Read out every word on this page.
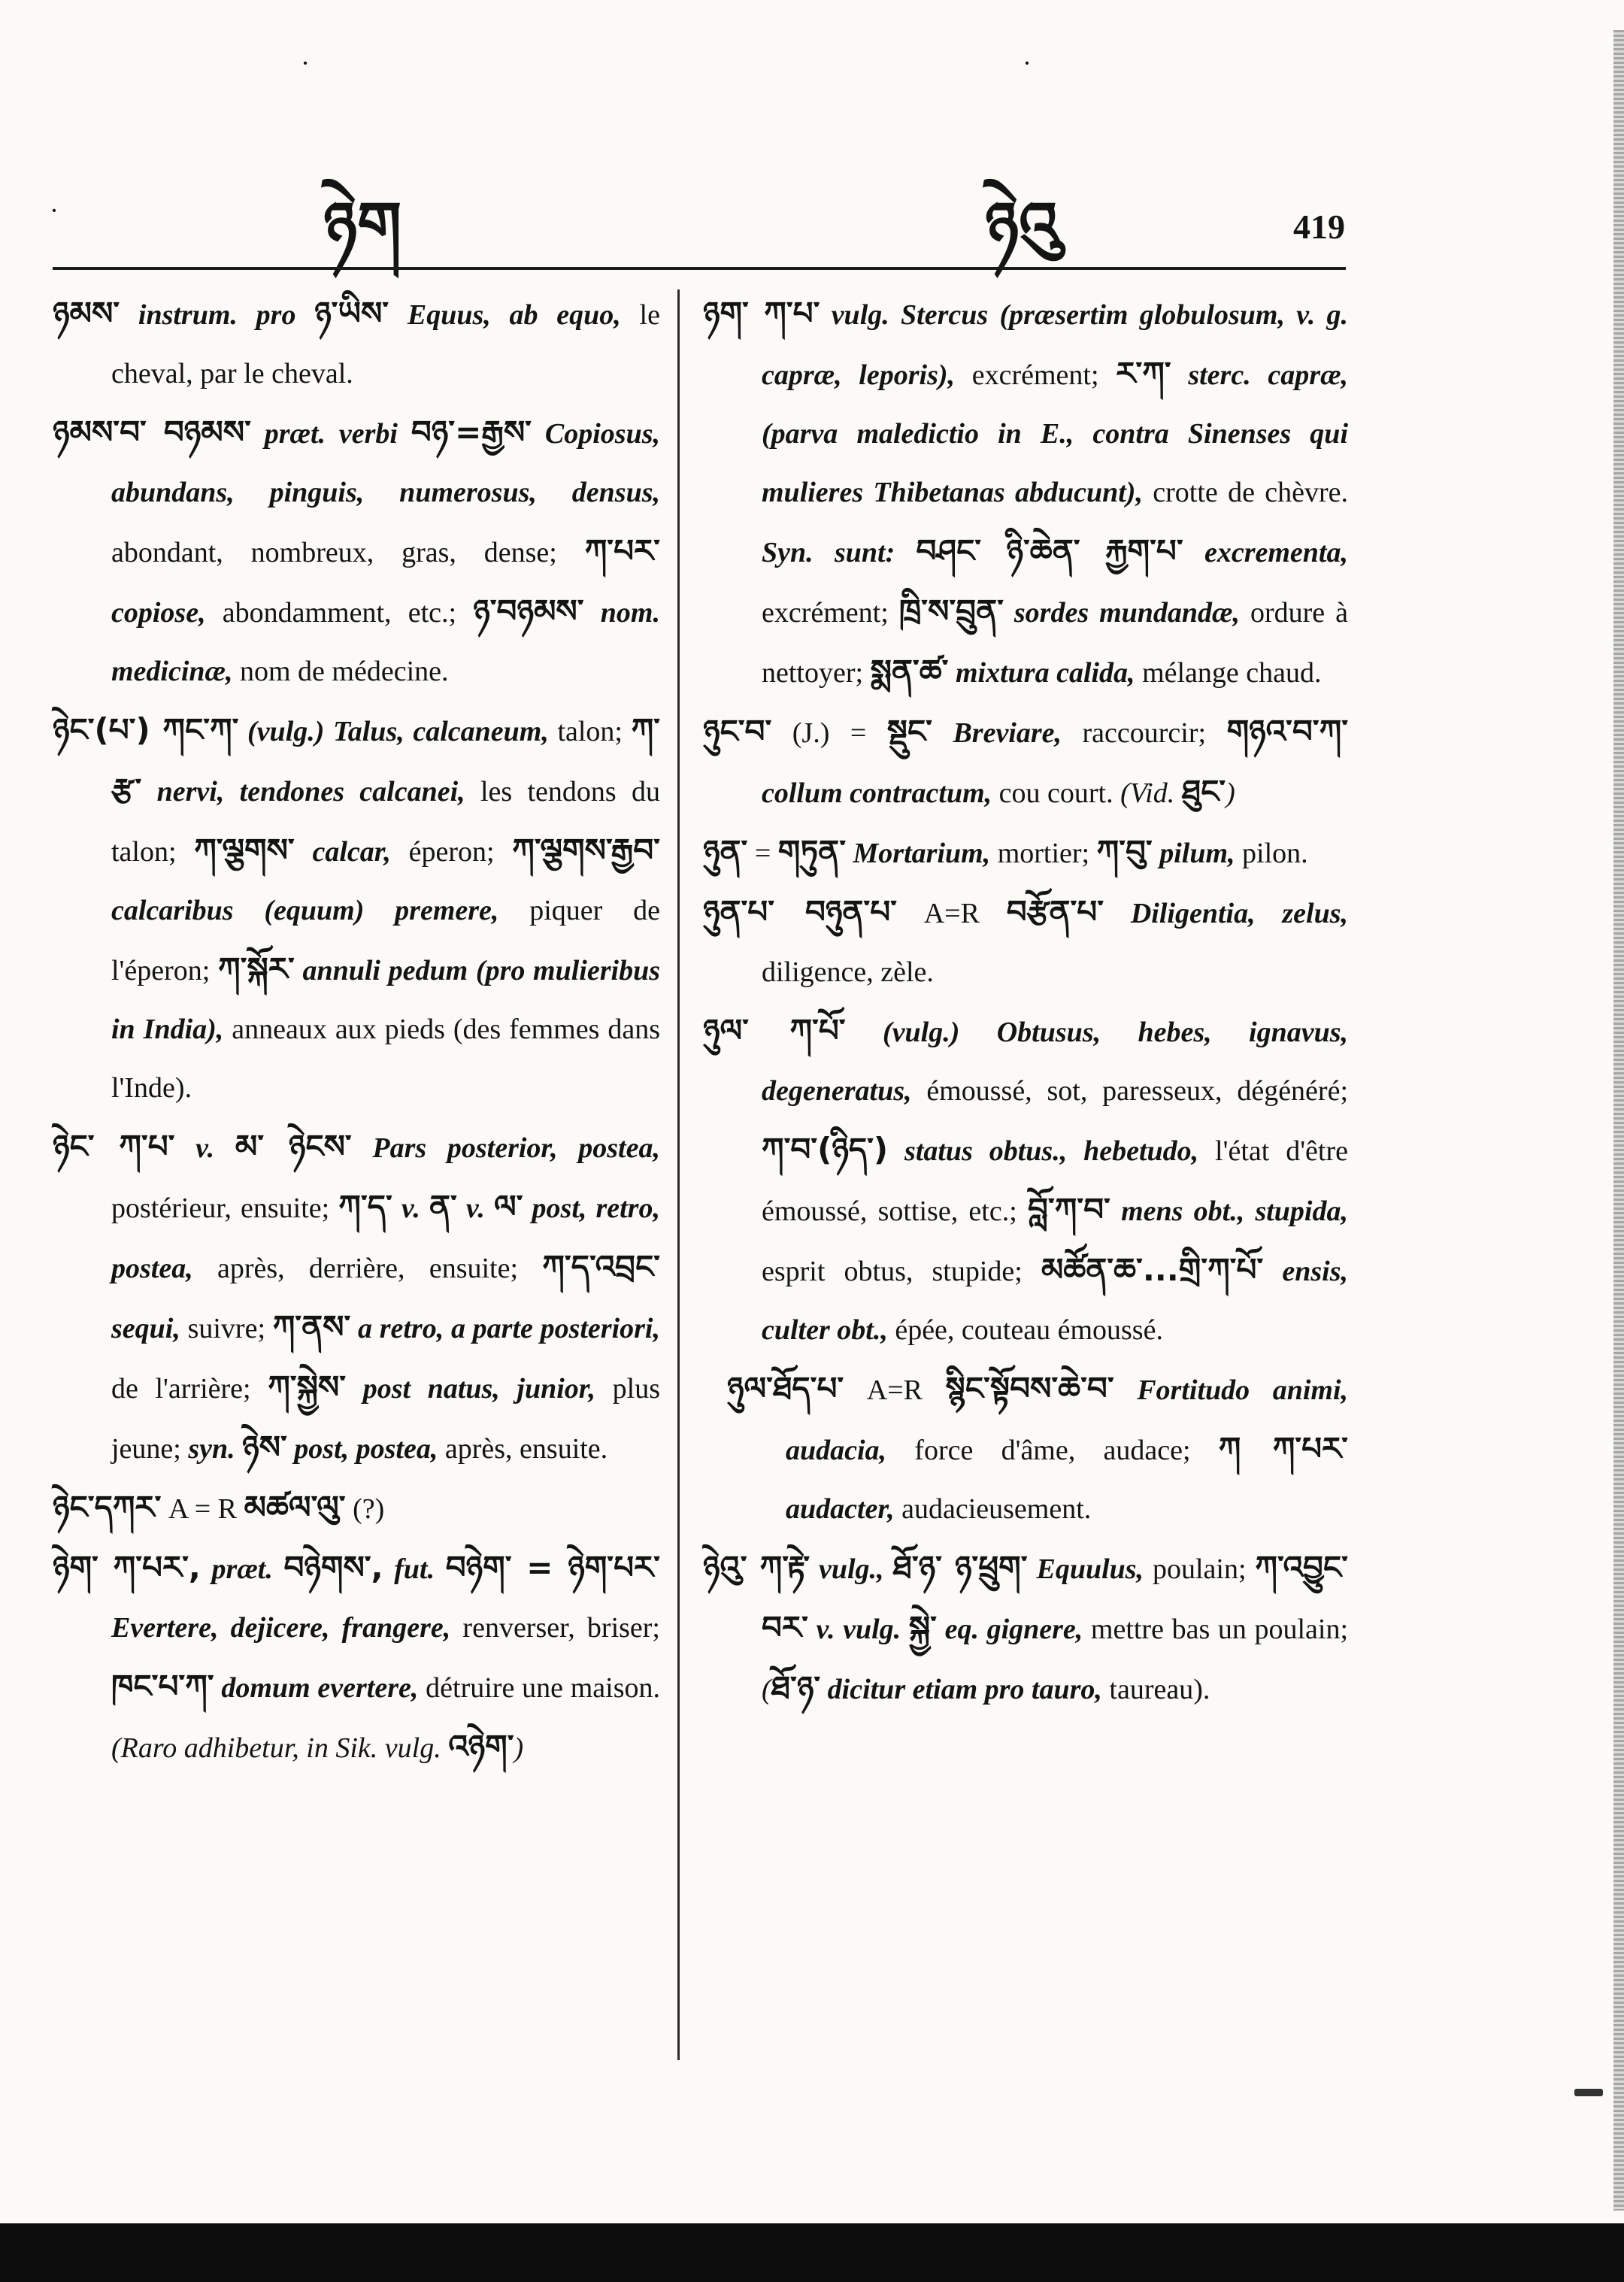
·	·
·	ཉེག	ཉེའུ	419

ཉམས་ instrum. pro ཉ་ཡིས་ Equus, ab equo, le cheval, par le cheval.

ཉམས་བ་ བཉམས་ præt. verbi བཉ་=རྒྱས་ Copiosus, abundans, pinguis, numerosus, densus, abondant, nombreux, gras, dense; ཀ་པར་ copiose, abondamment, etc.; ཉ་བཉམས་ nom. medicinæ, nom de médecine.

ཉེང་(པ་) ཀང་ཀ་ (vulg.) Talus, calcaneum, talon; ཀ་རྩ་ nervi, tendones calcanei, les tendons du talon; ཀ་ལྕགས་ calcar, éperon; ཀ་ལྕགས་རྒྱབ་ calcaribus (equum) premere, piquer de l'éperon; ཀ་སྐོར་ annuli pedum (pro mulieribus in India), anneaux aux pieds (des femmes dans l'Inde).

ཉེང་ ཀ་པ་ v. མ་ ཉེངས་ Pars posterior, postea, postérieur, ensuite; ཀ་ད་ v. ན་ v. ལ་ post, retro, postea, après, derrière, ensuite; ཀ་ད་འབྲང་ sequi, suivre; ཀ་ནས་ a retro, a parte posteriori, de l'arrière; ཀ་སྐྱེས་ post natus, junior, plus jeune; syn. ཉེས་ post, postea, après, ensuite.

ཉེང་དཀར་ A = R མཚལ་ལུ་ (?)

ཉེག་ ཀ་པར་, præt. བཉེགས་, fut. བཉེག་ = ཉེག་པར་ Evertere, dejicere, frangere, renverser, briser; ཁང་པ་ཀ་ domum evertere, détruire une maison. (Raro adhibetur, in Sik. vulg. འཉེག་)

ཉག་ ཀ་པ་ vulg. Stercus (præsertim globulosum, v. g. capræ, leporis), excrément; ར་ཀ་ sterc. capræ, (parva maledictio in E., contra Sinenses qui mulieres Thibetanas abducunt), crotte de chèvre. Syn. sunt: བཤང་ ཉི་ཆེན་ རྐྱག་པ་ excrementa, excrément; ཁྲི་ས་བྲུན་ sordes mundandæ, ordure à nettoyer; སྨན་ཚ་ mixtura calida, mélange chaud.

ཉུང་བ་ (J.) = སྡུང་ Breviare, raccourcir; གཉའ་བ་ཀ་ collum contractum, cou court. (Vid. ཐུང་)

ཉུན་ = གཏུན་ Mortarium, mortier; ཀ་བུ་ pilum, pilon.

ཉུན་པ་ བཉུན་པ་ A=R བརྩོན་པ་ Diligentia, zelus, diligence, zèle.

ཉུལ་ ཀ་པོ་ (vulg.) Obtusus, hebes, ignavus, degeneratus, émoussé, sot, paresseux, dégénéré; ཀ་བ་(ཉིད་) status obtus., hebetudo, l'état d'être émoussé, sottise, etc.; བློ་ཀ་བ་ mens obt., stupida, esprit obtus, stupide; མཚོན་ཆ་...གྲི་ཀ་པོ་ ensis, culter obt., épée, couteau émoussé.

ཉུལ་ཐོད་པ་ A=R སྙིང་སྟོབས་ཆེ་བ་ Fortitudo animi, audacia, force d'âme, audace; ཀ ཀ་པར་ audacter, audacieusement.

ཉེའུ་ ཀ་རྟེ་ vulg., ཐོ་ཉ་ ཉ་ཕྲུག་ Equulus, poulain; ཀ་འབྱུང་བར་ v. vulg. སྐྱེ་ eq. gignere, mettre bas un poulain; (ཐོ་ཉ་ dicitur etiam pro tauro, taureau).
